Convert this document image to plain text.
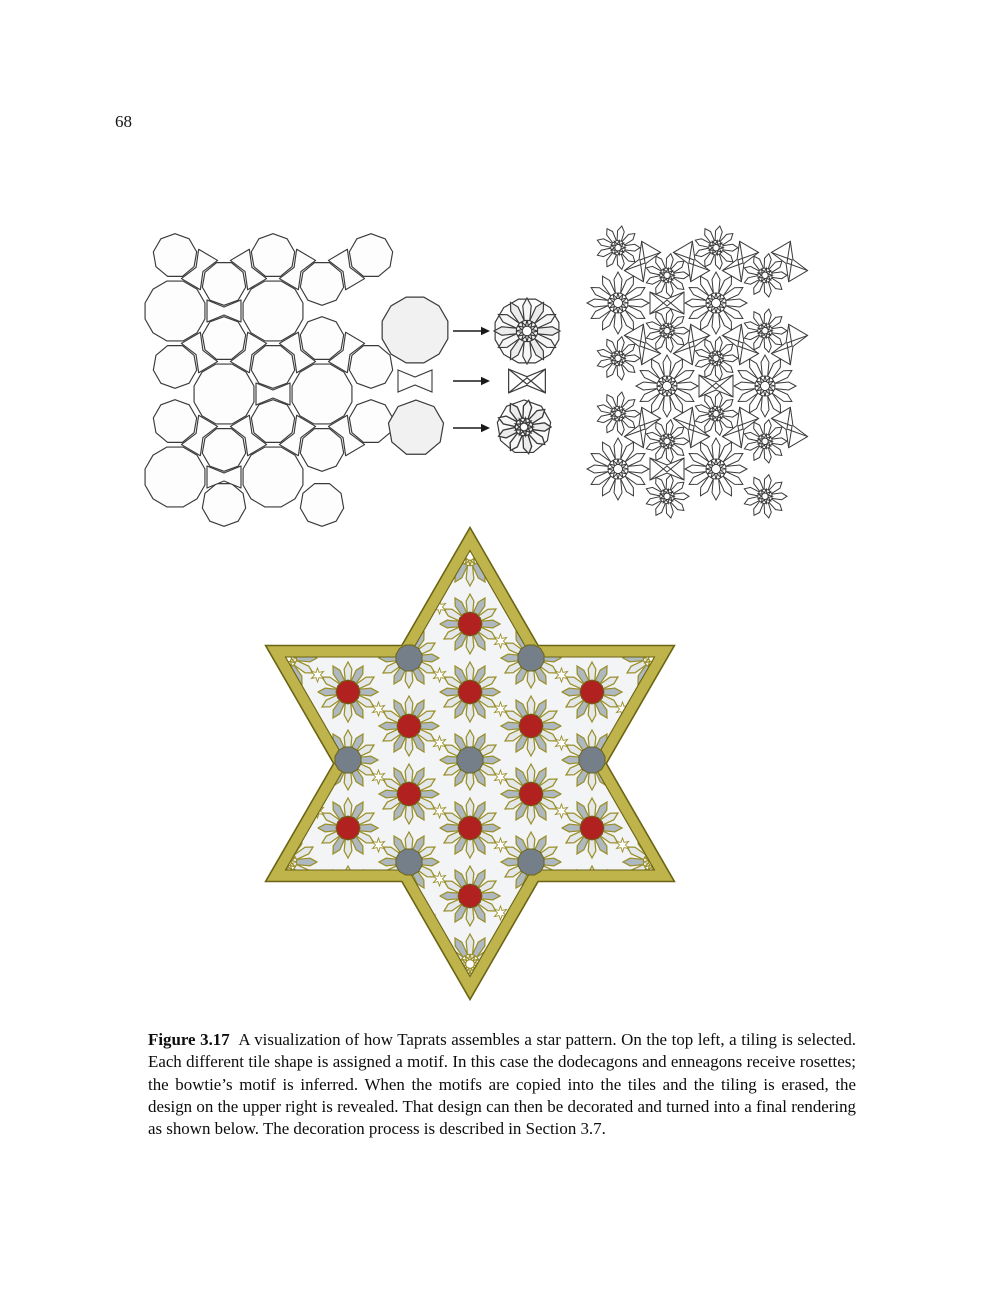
68

Figure 3.17 A visualization of how Taprats assembles a star pattern. On the top left, a tiling is selected. Each different tile shape is assigned a motif. In this case the dodecagons and enneagons receive rosettes; the bowtie’s motif is inferred. When the motifs are copied into the tiles and the tiling is erased, the design on the upper right is revealed. That design can then be decorated and turned into a final rendering as shown below. The decoration process is described in Section 3.7.
